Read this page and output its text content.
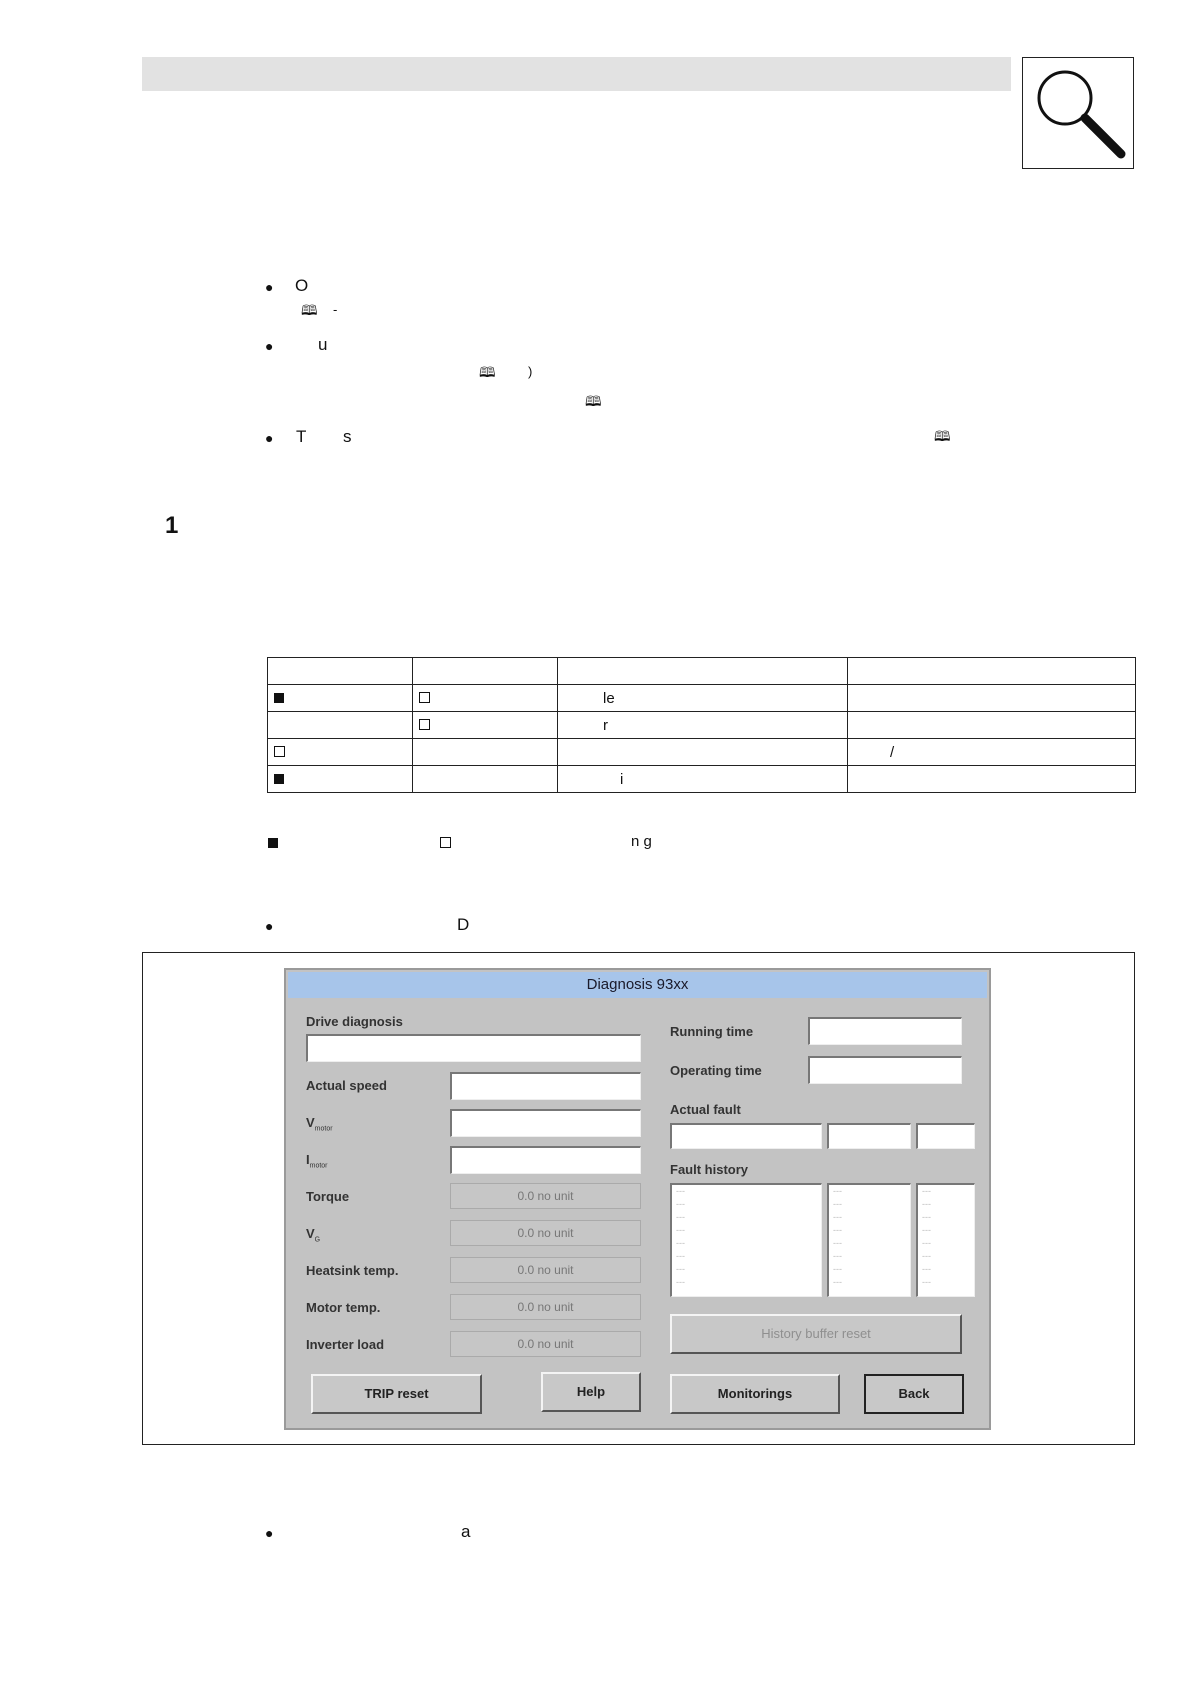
● O
🕮 -
●	u
🕮 )
🕮
● T s	🕮
1

		le	
		r	
			/
		i	
n g
●	D
Diagnosis 93xx
Drive diagnosis
Actual speed
$V_{motor}$
$I_{motor}$
Torque	0.0 no unit
$V_G$
0.0 no unit
Heatsink temp.	0.0 no unit
Motor temp.	0.0 no unit
Inverter load	0.0 no unit
TRIP reset	Help
Running time
Operating time
Actual fault
Fault history
---
---
---
---
---
---
---
---
---
---
---
---
---
---
---
---
---
---
---
---
---
---
---
---
History buffer reset
Monitorings	Back
●	a
